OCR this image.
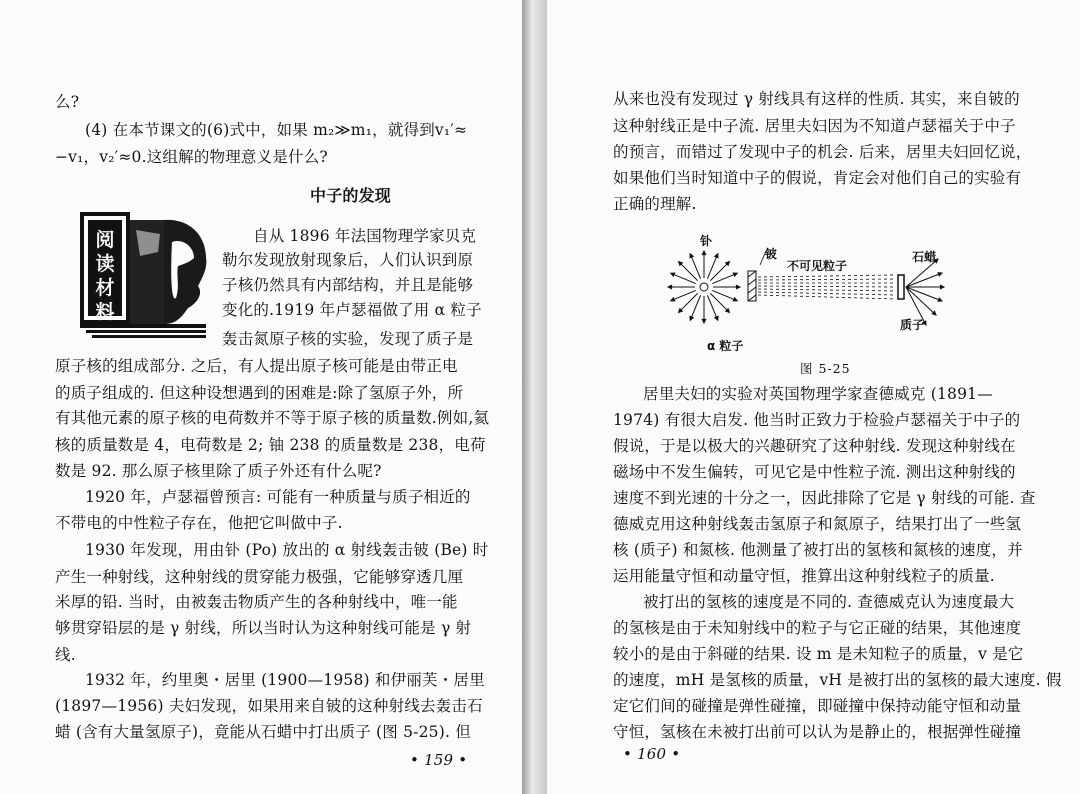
么?
(4) 在本节课文的(6)式中，如果 m₂≫m₁，就得到v₁′≈
−v₁，v₂′≈0.这组解的物理意义是什么?
中子的发现
阅
读
材
料
自从 1896 年法国物理学家贝克
勒尔发现放射现象后，人们认识到原
子核仍然具有内部结构，并且是能够
变化的.1919 年卢瑟福做了用 α 粒子
轰击氮原子核的实验，发现了质子是
原子核的组成部分. 之后，有人提出原子核可能是由带正电
的质子组成的. 但这种设想遇到的困难是:除了氢原子外，所
有其他元素的原子核的电荷数并不等于原子核的质量数.例如,氦
核的质量数是 4，电荷数是 2; 铀 238 的质量数是 238，电荷
数是 92. 那么原子核里除了质子外还有什么呢?
1920 年，卢瑟福曾预言: 可能有一种质量与质子相近的
不带电的中性粒子存在，他把它叫做中子.
1930 年发现，用由钋 (Po) 放出的 α 射线轰击铍 (Be) 时
产生一种射线，这种射线的贯穿能力极强，它能够穿透几厘
米厚的铅. 当时，由被轰击物质产生的各种射线中，唯一能
够贯穿铅层的是 γ 射线，所以当时认为这种射线可能是 γ 射
线.
1932 年，约里奥・居里 (1900—1958) 和伊丽芙・居里
(1897—1956) 夫妇发现，如果用来自铍的这种射线去轰击石
蜡 (含有大量氢原子)，竟能从石蜡中打出质子 (图 5-25). 但
• 159 •
从来也没有发现过 γ 射线具有这样的性质. 其实，来自铍的
这种射线正是中子流. 居里夫妇因为不知道卢瑟福关于中子
的预言，而错过了发现中子的机会. 后来，居里夫妇回忆说，
如果他们当时知道中子的假说，肯定会对他们自己的实验有
正确的理解.
钋
铍
不可见粒子
石蜡
α 粒子
质子
图 5-25
居里夫妇的实验对英国物理学家查德威克 (1891—
1974) 有很大启发. 他当时正致力于检验卢瑟福关于中子的
假说，于是以极大的兴趣研究了这种射线. 发现这种射线在
磁场中不发生偏转，可见它是中性粒子流. 测出这种射线的
速度不到光速的十分之一，因此排除了它是 γ 射线的可能. 查
德威克用这种射线轰击氢原子和氮原子，结果打出了一些氢
核 (质子) 和氮核. 他测量了被打出的氢核和氮核的速度，并
运用能量守恒和动量守恒，推算出这种射线粒子的质量.
被打出的氢核的速度是不同的. 查德威克认为速度最大
的氢核是由于未知射线中的粒子与它正碰的结果，其他速度
较小的是由于斜碰的结果. 设 m 是未知粒子的质量，v 是它
的速度，mH 是氢核的质量，vH 是被打出的氢核的最大速度. 假
定它们间的碰撞是弹性碰撞，即碰撞中保持动能守恒和动量
守恒，氢核在未被打出前可以认为是静止的，根据弹性碰撞
• 160 •
